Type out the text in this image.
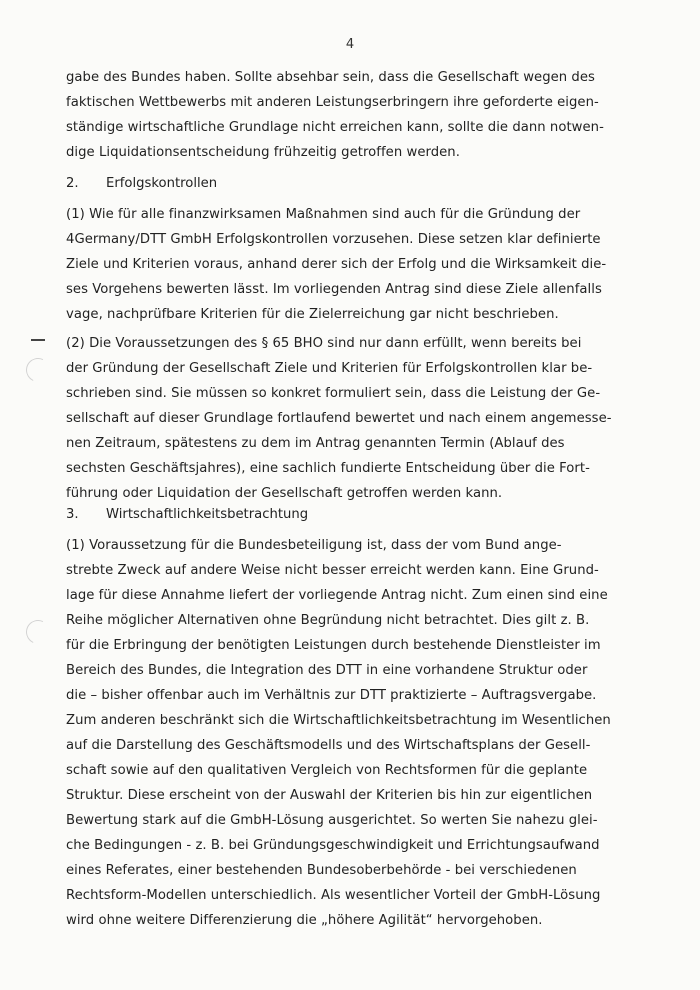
4
gabe des Bundes haben. Sollte absehbar sein, dass die Gesellschaft wegen des
faktischen Wettbewerbs mit anderen Leistungserbringern ihre geforderte eigen-
ständige wirtschaftliche Grundlage nicht erreichen kann, sollte die dann notwen-
dige Liquidationsentscheidung frühzeitig getroffen werden.
2. Erfolgskontrollen
(1) Wie für alle finanzwirksamen Maßnahmen sind auch für die Gründung der
4Germany/DTT GmbH Erfolgskontrollen vorzusehen. Diese setzen klar definierte
Ziele und Kriterien voraus, anhand derer sich der Erfolg und die Wirksamkeit die-
ses Vorgehens bewerten lässt. Im vorliegenden Antrag sind diese Ziele allenfalls
vage, nachprüfbare Kriterien für die Zielerreichung gar nicht beschrieben.
(2) Die Voraussetzungen des § 65 BHO sind nur dann erfüllt, wenn bereits bei
der Gründung der Gesellschaft Ziele und Kriterien für Erfolgskontrollen klar be-
schrieben sind. Sie müssen so konkret formuliert sein, dass die Leistung der Ge-
sellschaft auf dieser Grundlage fortlaufend bewertet und nach einem angemesse-
nen Zeitraum, spätestens zu dem im Antrag genannten Termin (Ablauf des
sechsten Geschäftsjahres), eine sachlich fundierte Entscheidung über die Fort-
führung oder Liquidation der Gesellschaft getroffen werden kann.
3. Wirtschaftlichkeitsbetrachtung
(1) Voraussetzung für die Bundesbeteiligung ist, dass der vom Bund ange-
strebte Zweck auf andere Weise nicht besser erreicht werden kann. Eine Grund-
lage für diese Annahme liefert der vorliegende Antrag nicht. Zum einen sind eine
Reihe möglicher Alternativen ohne Begründung nicht betrachtet. Dies gilt z. B.
für die Erbringung der benötigten Leistungen durch bestehende Dienstleister im
Bereich des Bundes, die Integration des DTT in eine vorhandene Struktur oder
die – bisher offenbar auch im Verhältnis zur DTT praktizierte – Auftragsvergabe.
Zum anderen beschränkt sich die Wirtschaftlichkeitsbetrachtung im Wesentlichen
auf die Darstellung des Geschäftsmodells und des Wirtschaftsplans der Gesell-
schaft sowie auf den qualitativen Vergleich von Rechtsformen für die geplante
Struktur. Diese erscheint von der Auswahl der Kriterien bis hin zur eigentlichen
Bewertung stark auf die GmbH-Lösung ausgerichtet. So werten Sie nahezu glei-
che Bedingungen - z. B. bei Gründungsgeschwindigkeit und Errichtungsaufwand
eines Referates, einer bestehenden Bundesoberbehörde - bei verschiedenen
Rechtsform-Modellen unterschiedlich. Als wesentlicher Vorteil der GmbH-Lösung
wird ohne weitere Differenzierung die „höhere Agilität“ hervorgehoben.
